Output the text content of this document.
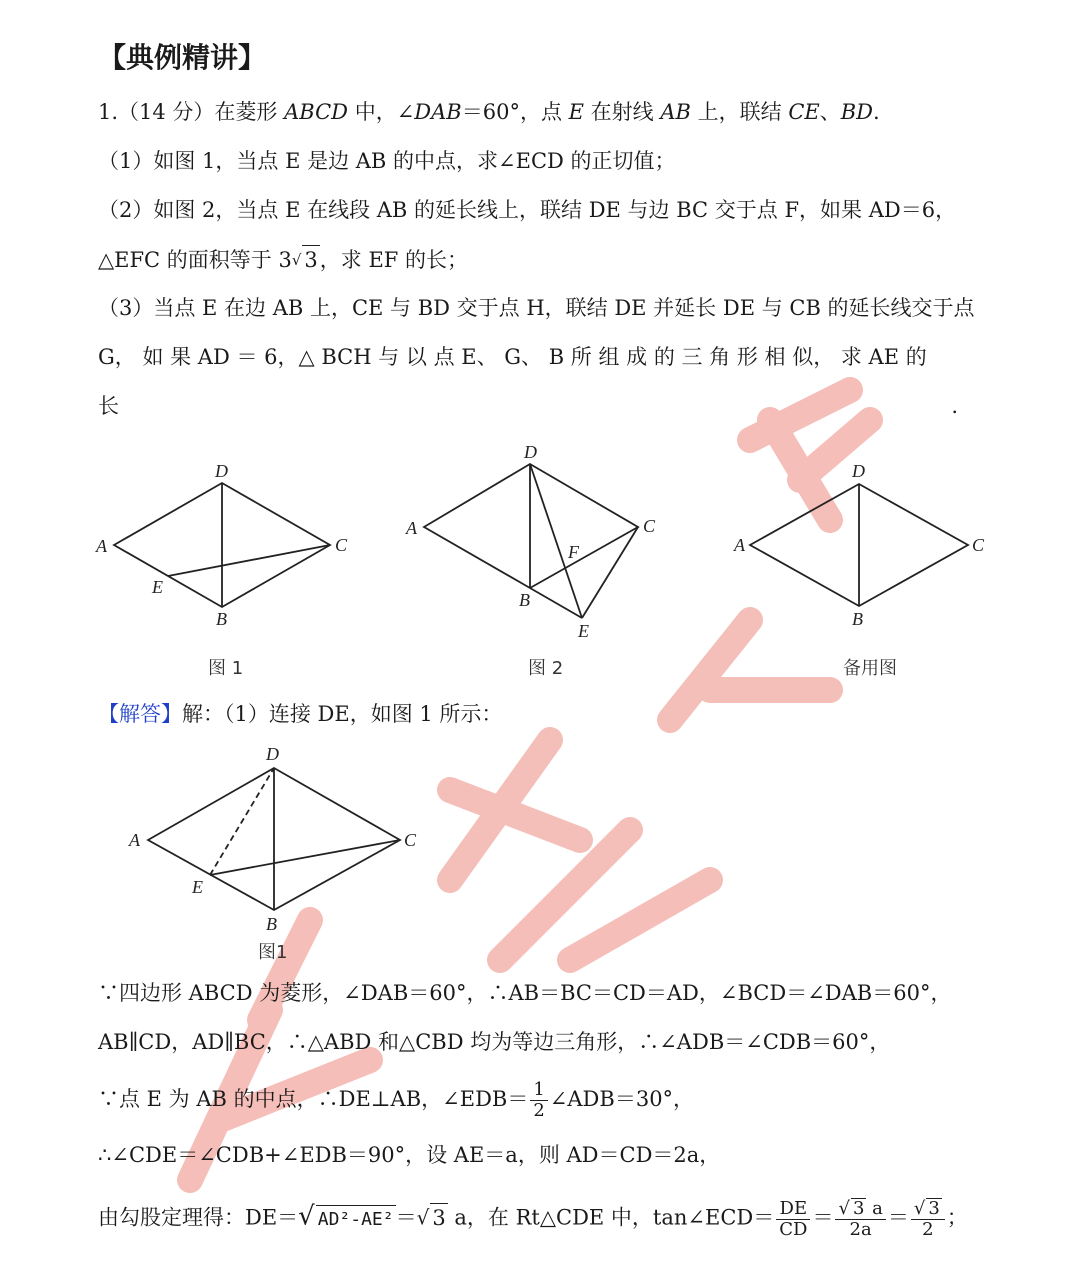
【典例精讲】
1.（14 分）在菱形 ABCD 中，∠DAB＝60°，点 E 在射线 AB 上，联结 CE、BD.
（1）如图 1，当点 E 是边 AB 的中点，求∠ECD 的正切值；
（2）如图 2，当点 E 在线段 AB 的延长线上，联结 DE 与边 BC 交于点 F，如果 AD＝6，
△EFC 的面积等于 3√ 3，求 EF 的长；
（3）当点 E 在边 AB 上，CE 与 BD 交于点 H，联结 DE 并延长 DE 与 CB 的延长线交于点
G， 如 果 AD ＝ 6，△ BCH 与 以 点 E、 G、 B 所 组 成 的 三 角 形 相 似， 求 AE 的
长	.
D
A	C
B
E
图 1
D
A	C
B
F
E
图 2
D
A	C
B
备用图
【解答】解：（1）连接 DE，如图 1 所示：
D
A	C
B
E
图1
∵四边形 ABCD 为菱形，∠DAB＝60°，∴AB＝BC＝CD＝AD，∠BCD＝∠DAB＝60°，
AB∥CD，AD∥BC，∴△ABD 和△CBD 均为等边三角形，∴∠ADB＝∠CDB＝60°，
∵点 E 为 AB 的中点，∴DE⊥AB，∠EDB＝ $\frac{1}{2}$ ∠ADB＝30°，
∴∠CDE＝∠CDB+∠EDB＝90°，设 AE＝a，则 AD＝CD＝2a，
由勾股定理得：DE＝√ AD²-AE²＝√ 3 a，在 Rt△CDE 中，tan∠ECD＝ $\frac{DE}{CD} = \frac{√ 3 a}{2a} = \frac{√ 3}{2}$ ；
